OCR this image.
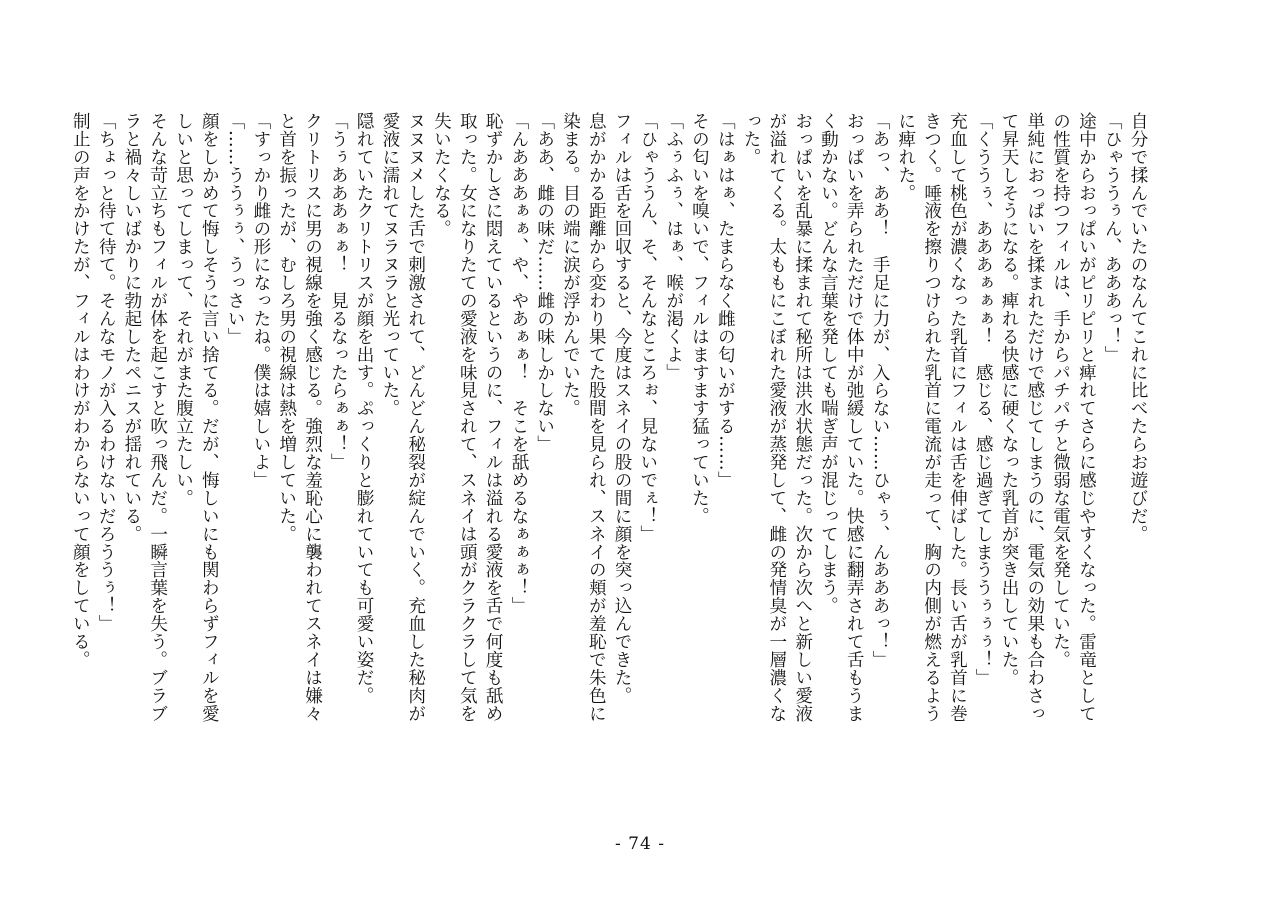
自分で揉んでいたのなんてこれに比べたらお遊びだ。

「ひゃううぅん、あああっ！」

途中からおっぱいがピリピリと痺れてさらに感じやすくなった。雷竜としての性質を持つフィルは、手からパチパチと微弱な電気を発していた。

単純におっぱいを揉まれただけで感じてしまうのに、電気の効果も合わさって昇天しそうになる。痺れる快感に硬くなった乳首が突き出していた。

「くううぅ、あああぁぁぁ！　感じる、感じ過ぎてしまううぅぅぅ！」

充血して桃色が濃くなった乳首にフィルは舌を伸ばした。長い舌が乳首に巻きつく。唾液を擦りつけられた乳首に電流が走って、胸の内側が燃えるように痺れた。

「あっ、ああ！　手足に力が、入らない……ひゃぅ、んあああっ！」

おっぱいを弄られただけで体中が弛緩していた。快感に翻弄されて舌もうまく動かない。どんな言葉を発しても喘ぎ声が混じってしまう。

おっぱいを乱暴に揉まれて秘所は洪水状態だった。次から次へと新しい愛液が溢れてくる。太ももにこぼれた愛液が蒸発して、雌の発情臭が一層濃くなった。

「はぁはぁ、たまらなく雌の匂いがする……」

その匂いを嗅いで、フィルはますます猛っていた。

「ふぅふぅ、はぁ、喉が渇くよ」

「ひゃううん、そ、そんなところぉ、見ないでぇ！」

フィルは舌を回収すると、今度はスネイの股の間に顔を突っ込んできた。

息がかかる距離から変わり果てた股間を見られ、スネイの頬が羞恥で朱色に染まる。目の端に涙が浮かんでいた。

「ああ、雌の味だ……雌の味しかしない」

「んあああぁぁ、や、やあぁぁ！　そこを舐めるなぁぁぁ！」

恥ずかしさに悶えているというのに、フィルは溢れる愛液を舌で何度も舐め取った。女になりたての愛液を味見されて、スネイは頭がクラクラして気を失いたくなる。

ヌヌヌメした舌で刺激されて、どんどん秘裂が綻んでいく。充血した秘肉が愛液に濡れてヌラヌラと光っていた。

隠れていたクリトリスが顔を出す。ぷっくりと膨れていても可愛い姿だ。

「うぅあああぁぁ！　見るなったらぁぁ！」

クリトリスに男の視線を強く感じる。強烈な羞恥心に襲われてスネイは嫌々と首を振ったが、むしろ男の視線は熱を増していた。

「すっかり雌の形になったね。僕は嬉しいよ」

「……ううぅぅ、うっさい」

顔をしかめて悔しそうに言い捨てる。だが、悔しいにも関わらずフィルを愛しいと思ってしまって、それがまた腹立たしい。

そんな苛立ちもフィルが体を起こすと吹っ飛んだ。一瞬言葉を失う。ブラブラと禍々しいばかりに勃起したペニスが揺れている。

「ちょっと待て待て。そんなモノが入るわけないだろううぅ！」

制止の声をかけたが、フィルはわけがわからないって顔をしている。

- 74 -
